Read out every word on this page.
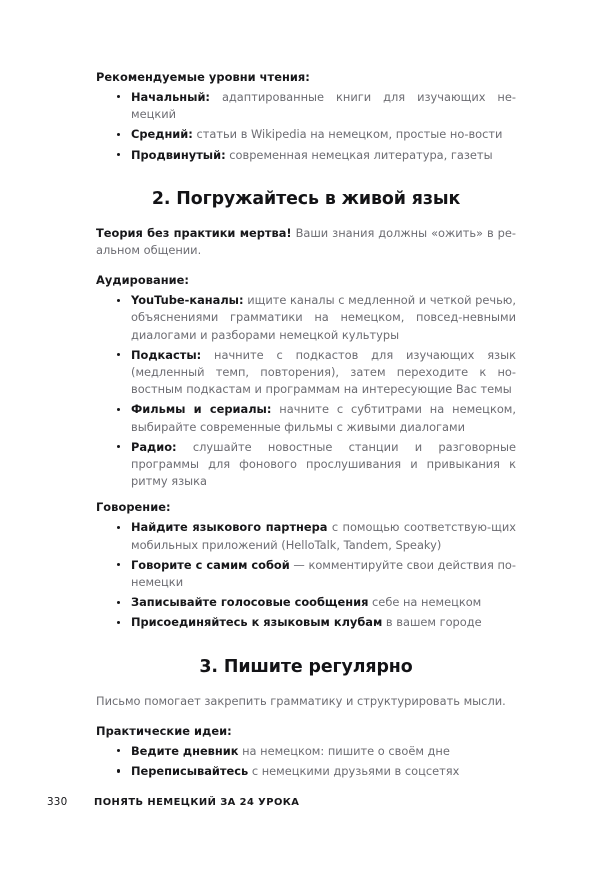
Рекомендуемые уровни чтения:

Начальный: адаптированные книги для изучающих не-мецкий
Средний: статьи в Wikipedia на немецком, простые но-вости
Продвинутый: современная немецкая литература, газеты
2. Погружайтесь в живой язык

Теория без практики мертва! Ваши знания должны «ожить» в ре-альном общении.

Аудирование:

YouTube-каналы: ищите каналы с медленной и четкой речью, объяснениями грамматики на немецком, повсед-невными диалогами и разборами немецкой культуры
Подкасты: начните с подкастов для изучающих язык (медленный темп, повторения), затем переходите к но-востным подкастам и программам на интересующие Вас темы
Фильмы и сериалы: начните с субтитрами на немецком, выбирайте современные фильмы с живыми диалогами
Радио: слушайте новостные станции и разговорные программы для фонового прослушивания и привыкания к ритму языка

Говорение:

Найдите языкового партнера с помощью соответствую-щих мобильных приложений (HelloTalk, Tandem, Speaky)
Говорите с самим собой — комментируйте свои действия по-немецки
Записывайте голосовые сообщения себе на немецком
Присоединяйтесь к языковым клубам в вашем городе
3. Пишите регулярно

Письмо помогает закрепить грамматику и структурировать мысли.

Практические идеи:

Ведите дневник на немецком: пишите о своём дне
Переписывайтесь с немецкими друзьями в соцсетях
330	ПОНЯТЬ НЕМЕЦКИЙ ЗА 24 УРОКА
